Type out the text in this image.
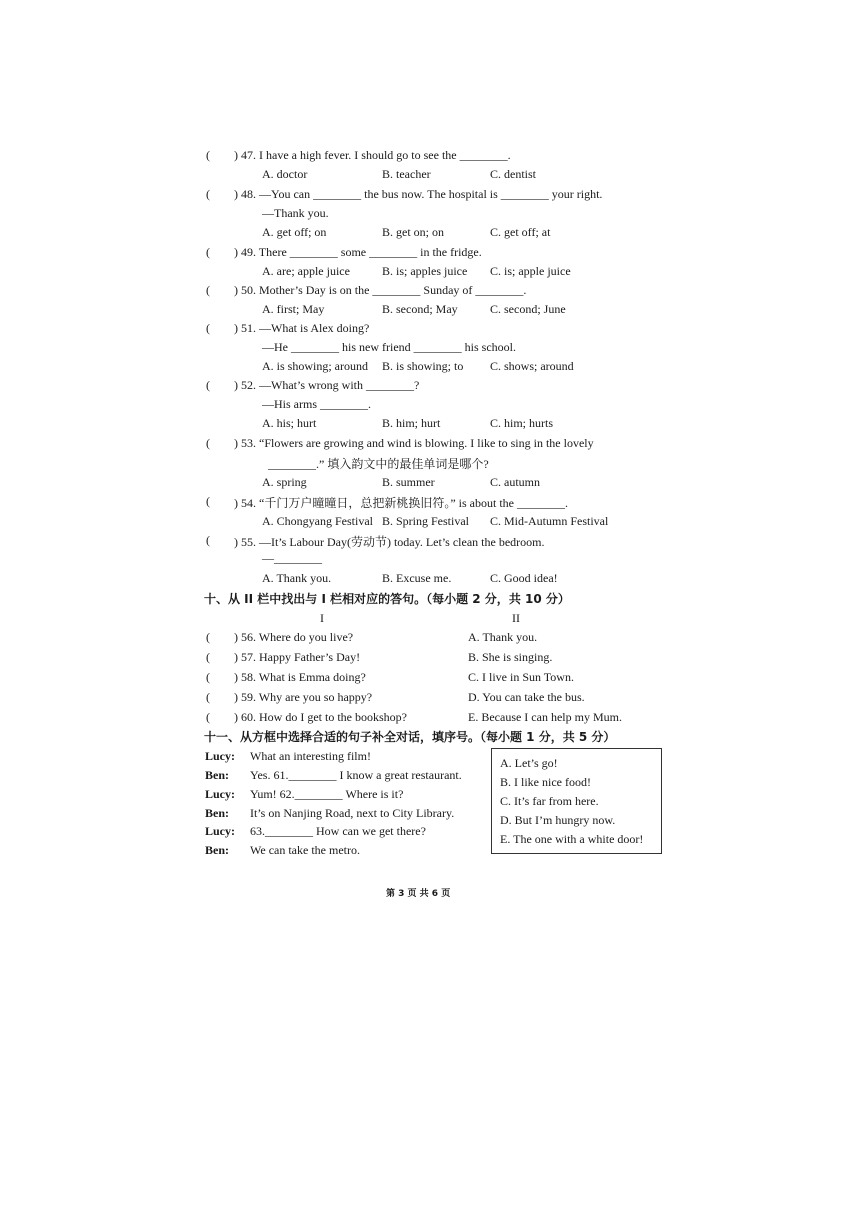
( ) 47. I have a high fever. I should go to see the ________.
A. doctor	B. teacher	C. dentist
( ) 48. —You can ________ the bus now. The hospital is ________ your right.
—Thank you.
A. get off; on	B. get on; on	C. get off; at
( ) 49. There ________ some ________ in the fridge.
A. are; apple juice	B. is; apples juice C. is; apple juice
( ) 50. Mother’s Day is on the ________ Sunday of ________.
A. first; May	B. second; May	C. second; June
( ) 51. —What is Alex doing?
—He ________ his new friend ________ his school.
A. is showing; around B. is showing; to C. shows; around
( ) 52. —What’s wrong with ________?
—His arms ________.
A. his; hurt	B. him; hurt	C. him; hurts
( ) 53. “Flowers are growing and wind is blowing. I like to sing in the lovely
________.” 填入韵文中的最佳单词是哪个?
A. spring	B. summer	C. autumn
( ) 54. “千门万户曈曈日，总把新桃换旧符。” is about the ________.
A. Chongyang Festival B. Spring Festival C. Mid-Autumn Festival
( ) 55. —It’s Labour Day(劳动节) today. Let’s clean the bedroom.
—________
A. Thank you.	B. Excuse me.	C. Good idea!
十、从 II 栏中找出与 I 栏相对应的答句。（每小题 2 分，共 10 分）
I	II
( ) 56. Where do you live?	A. Thank you.
( ) 57. Happy Father’s Day!	B. She is singing.
( ) 58. What is Emma doing?	C. I live in Sun Town.
( ) 59. Why are you so happy?	D. You can take the bus.
( ) 60. How do I get to the bookshop?	E. Because I can help my Mum.
十一、从方框中选择合适的句子补全对话，填序号。（每小题 1 分，共 5 分）
Lucy: What an interesting film!
Ben: Yes. 61.________ I know a great restaurant.
Lucy: Yum! 62.________ Where is it?
Ben: It’s on Nanjing Road, next to City Library.
Lucy: 63.________ How can we get there?
Ben: We can take the metro.
A. Let’s go!
B. I like nice food!
C. It’s far from here.
D. But I’m hungry now.
E. The one with a white door!
第 3 页 共 6 页
